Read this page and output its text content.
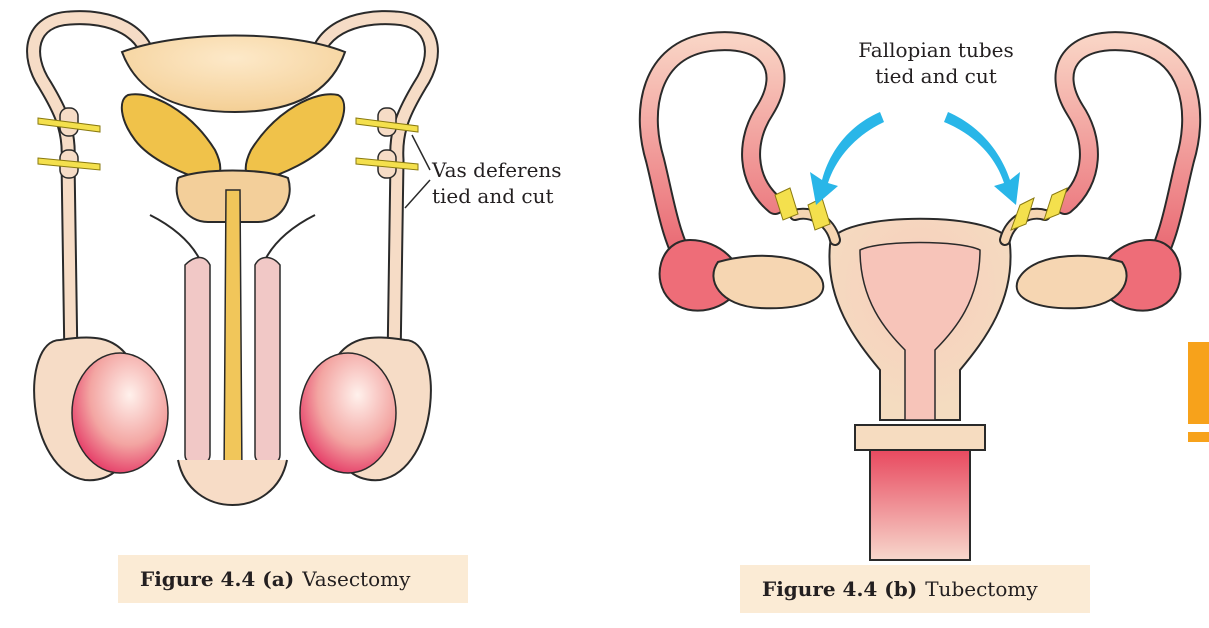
Vas deferens
tied and cut
Fallopian tubes
tied and cut
Figure 4.4 (a) Vasectomy	Figure 4.4 (b) Tubectomy
